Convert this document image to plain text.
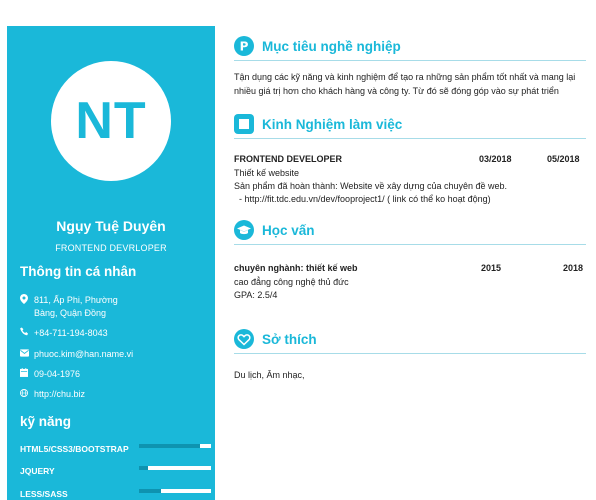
NT
Ngụy Tuệ Duyên
FRONTEND DEVRLOPER
Thông tin cá nhân
811, Ấp Phi, Phường
Bàng, Quận Đồng
+84-711-194-8043
phuoc.kim@han.name.vi
09-04-1976
http://chu.biz
kỹ năng
HTML5/CSS3/BOOTSTRAP
JQUERY
LESS/SASS
P Mục tiêu nghề nghiệp
Tận dụng các kỹ năng và kinh nghiệm để tạo ra những sản phẩm tốt nhất và mang lại nhiều giá trị hơn cho khách hàng và công ty. Từ đó sẽ đóng góp vào sự phát triển
Kinh Nghiệm làm việc
FRONTEND DEVELOPER	03/2018	05/2018
Thiết kế website
Sản phẩm đã hoàn thành: Website về xây dựng của chuyên đề web.
- http://fit.tdc.edu.vn/dev/fooproject1/ ( link có thể ko hoạt động)
Học vấn
chuyên nghành: thiết kế web	2015	2018
cao đẳng công nghệ thủ đức
GPA: 2.5/4
Sở thích
Du lịch, Âm nhạc,
